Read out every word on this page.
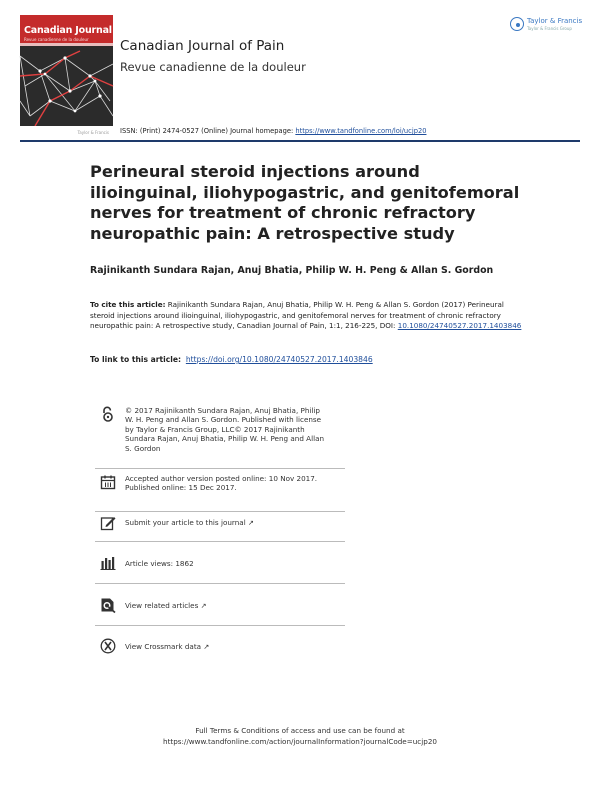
Canadian Journal of Pain
Revue canadienne de la douleur
Taylor & Francis
Canadian Journal of Pain
Revue canadienne de la douleur
Taylor & Francis
Taylor & Francis Group
ISSN: (Print) 2474-0527 (Online) Journal homepage: https://www.tandfonline.com/loi/ucjp20
Perineural steroid injections around ilioinguinal, iliohypogastric, and genitofemoral nerves for treatment of chronic refractory neuropathic pain: A retrospective study
Rajinikanth Sundara Rajan, Anuj Bhatia, Philip W. H. Peng & Allan S. Gordon
To cite this article: Rajinikanth Sundara Rajan, Anuj Bhatia, Philip W. H. Peng & Allan S. Gordon (2017) Perineural steroid injections around ilioinguinal, iliohypogastric, and genitofemoral nerves for treatment of chronic refractory neuropathic pain: A retrospective study, Canadian Journal of Pain, 1:1, 216-225, DOI: 10.1080/24740527.2017.1403846
To link to this article: https://doi.org/10.1080/24740527.2017.1403846
© 2017 Rajinikanth Sundara Rajan, Anuj Bhatia, Philip W. H. Peng and Allan S. Gordon. Published with license by Taylor & Francis Group, LLC© 2017 Rajinikanth Sundara Rajan, Anuj Bhatia, Philip W. H. Peng and Allan S. Gordon
Accepted author version posted online: 10 Nov 2017.
Published online: 15 Dec 2017.
Submit your article to this journal ↗
Article views: 1862
View related articles ↗
View Crossmark data ↗
Full Terms & Conditions of access and use can be found at
https://www.tandfonline.com/action/journalInformation?journalCode=ucjp20
